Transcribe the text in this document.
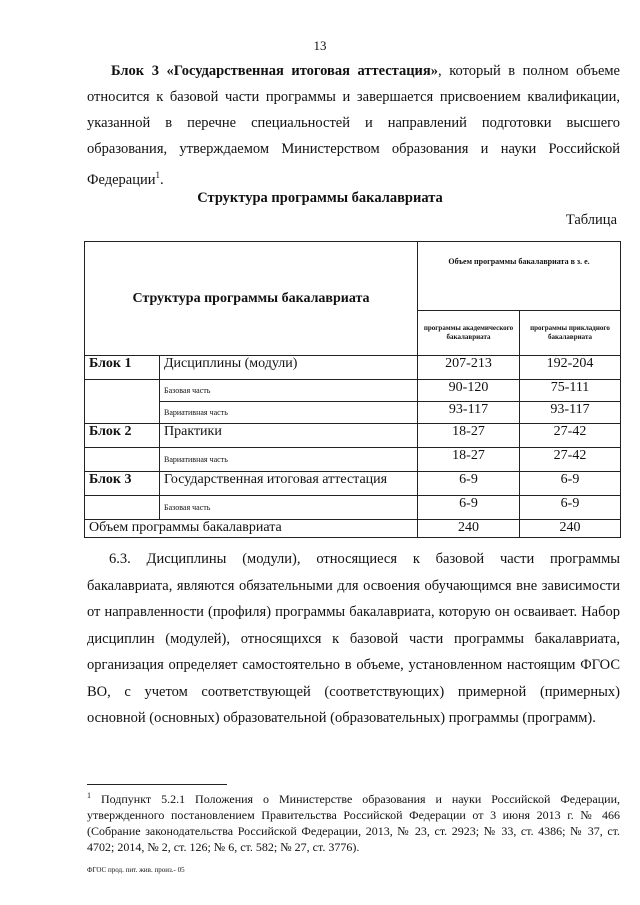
13
Блок 3 «Государственная итоговая аттестация», который в полном объеме относится к базовой части программы и завершается присвоением квалификации, указанной в перечне специальностей и направлений подготовки высшего образования, утверждаемом Министерством образования и науки Российской Федерации$^1$.
Структура программы бакалавриата
Таблица
Структура программы бакалавриата		Объем программы бакалавриата в з. е.	
		программы академического бакалавриата	программы прикладного бакалавриата
Блок 1	Дисциплины (модули)	207-213	192-204
	Базовая часть	90-120	75-111
	Вариативная часть	93-117	93-117
Блок 2	Практики	18-27	27-42
	Вариативная часть	18-27	27-42
Блок 3	Государственная итоговая аттестация	6-9	6-9
	Базовая часть	6-9	6-9
Объем программы бакалавриата		240	240
6.3. Дисциплины (модули), относящиеся к базовой части программы бакалавриата, являются обязательными для освоения обучающимся вне зависимости от направленности (профиля) программы бакалавриата, которую он осваивает. Набор дисциплин (модулей), относящихся к базовой части программы бакалавриата, организация определяет самостоятельно в объеме, установленном настоящим ФГОС ВО, с учетом соответствующей (соответствующих) примерной (примерных) основной (основных) образовательной (образовательных) программы (программ).
$^1$ Подпункт 5.2.1 Положения о Министерстве образования и науки Российской Федерации, утвержденного постановлением Правительства Российской Федерации от 3 июня 2013 г. № 466 (Собрание законодательства Российской Федерации, 2013, № 23, ст. 2923; № 33, ст. 4386; № 37, ст. 4702; 2014, № 2, ст. 126; № 6, ст. 582; № 27, ст. 3776).
ФГОС прод. пит. жив. произ.- 05
